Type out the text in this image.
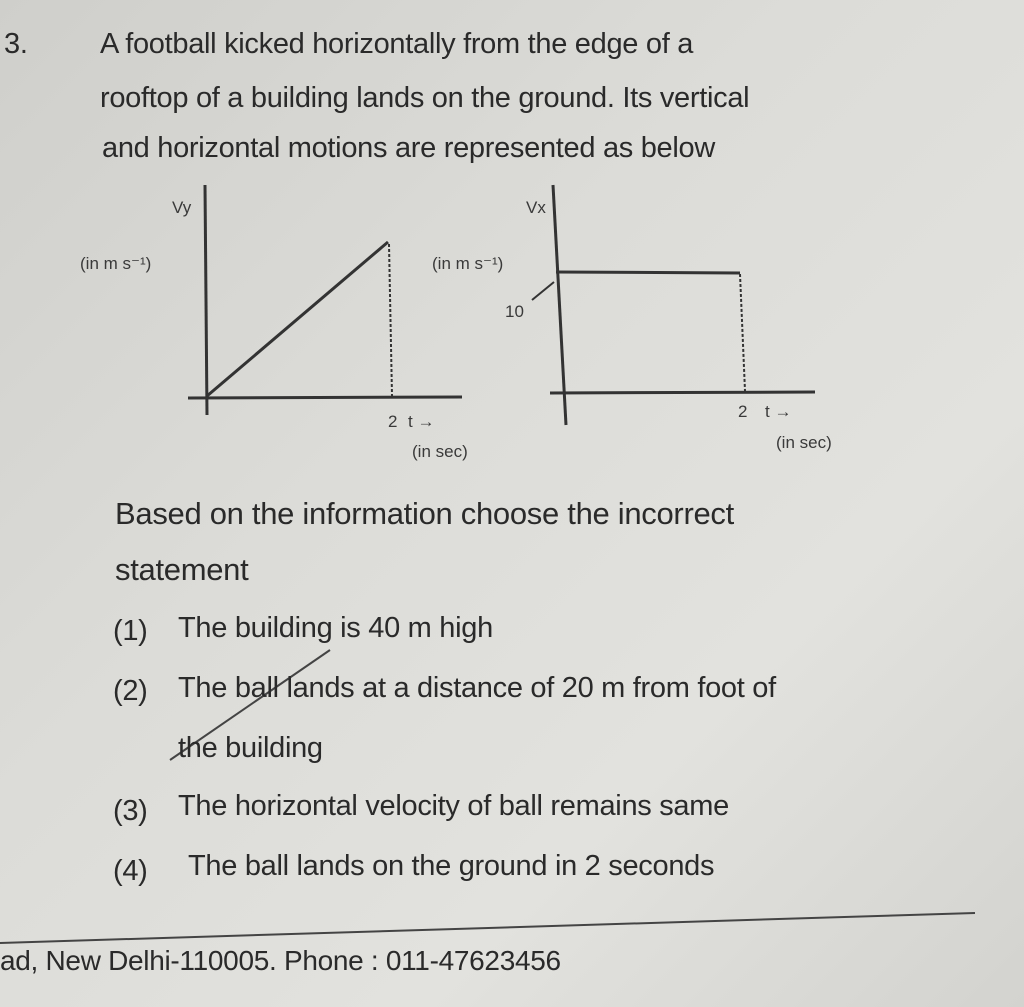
3. A football kicked horizontally from the edge of a
rooftop of a building lands on the ground. Its vertical
and horizontal motions are represented as below
Vy
(in m s⁻¹)
2 t →
(in sec)
Vx
(in m s⁻¹)
10
2 t →
(in sec)
Based on the information choose the incorrect
statement
(1) The building is 40 m high
(2) The ball lands at a distance of 20 m from foot of
the building
(3) The horizontal velocity of ball remains same
(4) The ball lands on the ground in 2 seconds
ad, New Delhi-110005. Phone : 011-47623456
